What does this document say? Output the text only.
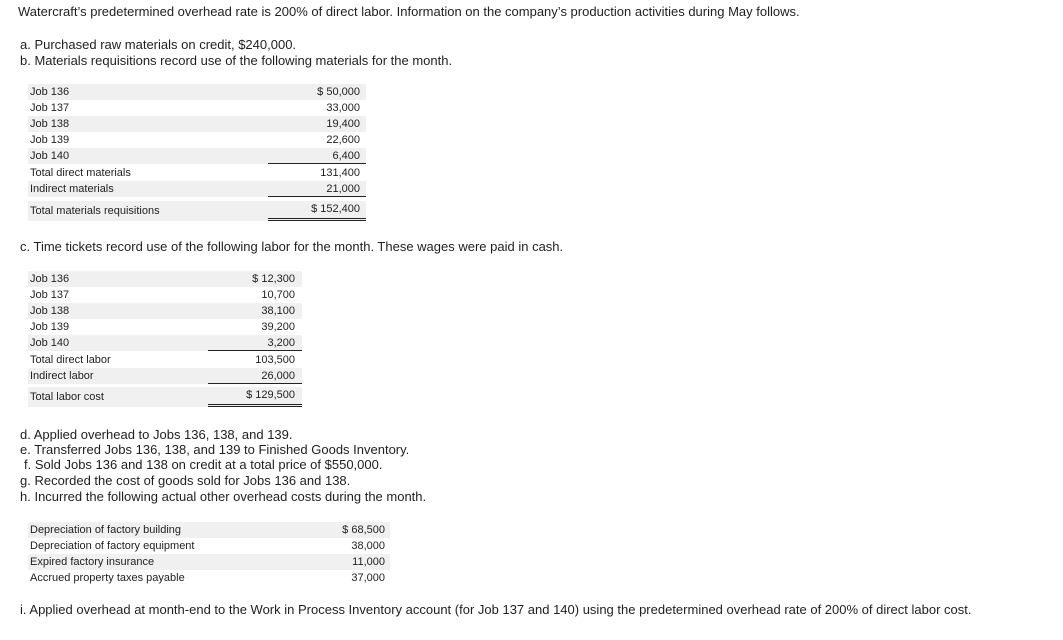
Watercraft’s predetermined overhead rate is 200% of direct labor. Information on the company’s production activities during May follows.
a. Purchased raw materials on credit, $240,000.
b. Materials requisitions record use of the following materials for the month.
Job 136	$ 50,000
Job 137	33,000
Job 138	19,400
Job 139	22,600
Job 140	6,400
Total direct materials	131,400
Indirect materials	21,000
Total materials requisitions	$ 152,400
c. Time tickets record use of the following labor for the month. These wages were paid in cash.
Job 136	$ 12,300
Job 137	10,700
Job 138	38,100
Job 139	39,200
Job 140	3,200
Total direct labor	103,500
Indirect labor	26,000
Total labor cost	$ 129,500
d. Applied overhead to Jobs 136, 138, and 139.
e. Transferred Jobs 136, 138, and 139 to Finished Goods Inventory.
f. Sold Jobs 136 and 138 on credit at a total price of $550,000.
g. Recorded the cost of goods sold for Jobs 136 and 138.
h. Incurred the following actual other overhead costs during the month.
Depreciation of factory building	$ 68,500
Depreciation of factory equipment	38,000
Expired factory insurance	11,000
Accrued property taxes payable	37,000
i. Applied overhead at month-end to the Work in Process Inventory account (for Job 137 and 140) using the predetermined overhead rate of 200% of direct labor cost.
